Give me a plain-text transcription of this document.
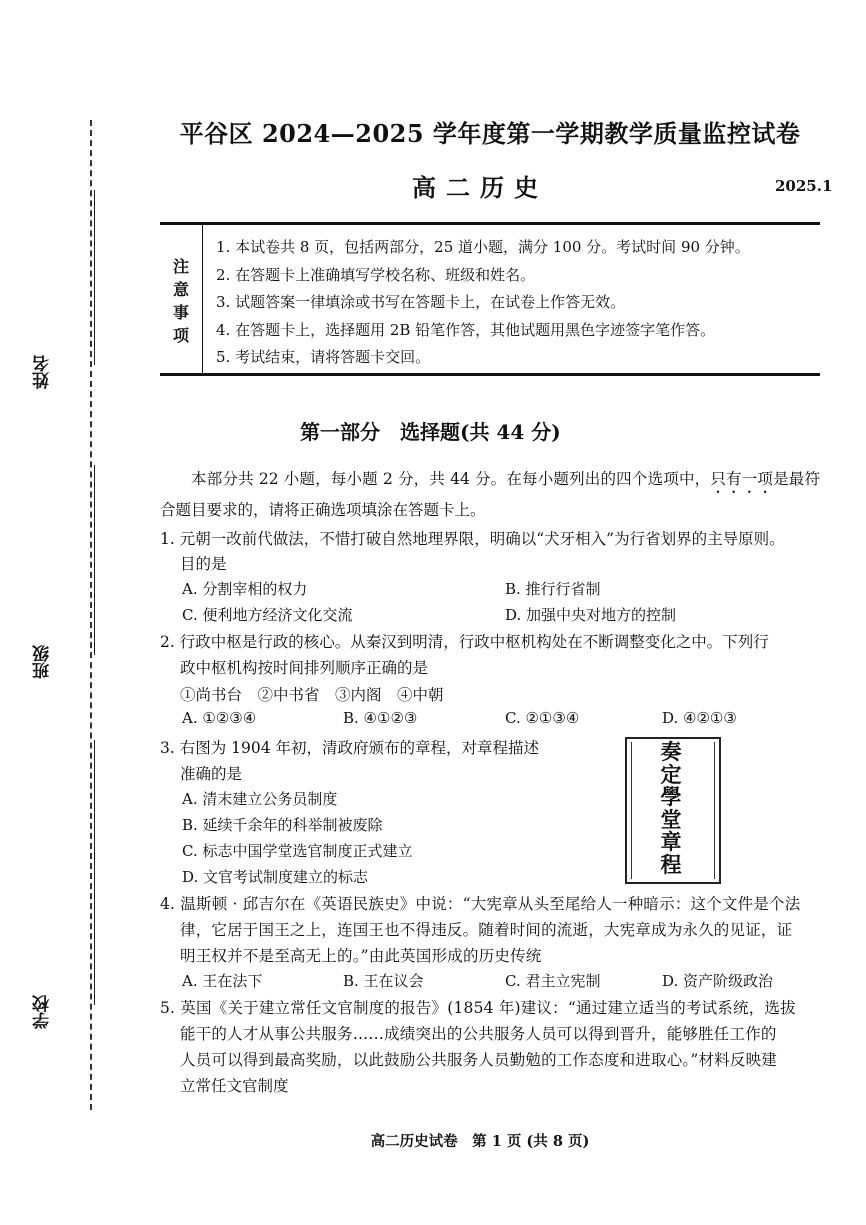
姓名
班级
学校
平谷区 2024—2025 学年度第一学期教学质量监控试卷
高二历史	2025.1
注
意
事
项
1. 本试卷共 8 页，包括两部分，25 道小题，满分 100 分。考试时间 90 分钟。
2. 在答题卡上准确填写学校名称、班级和姓名。
3. 试题答案一律填涂或书写在答题卡上，在试卷上作答无效。
4. 在答题卡上，选择题用 2B 铅笔作答，其他试题用黑色字迹签字笔作答。
5. 考试结束，请将答题卡交回。
第一部分　选择题(共 44 分)
本部分共 22 小题，每小题 2 分，共 44 分。在每小题列出的四个选项中，只有一项是最符合题目要求的，请将正确选项填涂在答题卡上。
1. 元朝一改前代做法，不惜打破自然地理界限，明确以“犬牙相入”为行省划界的主导原则。
目的是
A. 分割宰相的权力	B. 推行行省制
C. 便利地方经济文化交流	D. 加强中央对地方的控制
2. 行政中枢是行政的核心。从秦汉到明清，行政中枢机构处在不断调整变化之中。下列行
政中枢机构按时间排列顺序正确的是
①尚书台　②中书省　③内阁　④中朝
A. ①②③④	B. ④①②③	C. ②①③④	D. ④②①③
3. 右图为 1904 年初，清政府颁布的章程，对章程描述
准确的是
A. 清末建立公务员制度
B. 延续千余年的科举制被废除
C. 标志中国学堂选官制度正式建立
D. 文官考试制度建立的标志
奏
定
學
堂
章
程
4. 温斯顿 · 邱吉尔在《英语民族史》中说：“大宪章从头至尾给人一种暗示：这个文件是个法
律，它居于国王之上，连国王也不得违反。随着时间的流逝，大宪章成为永久的见证，证
明王权并不是至高无上的。”由此英国形成的历史传统
A. 王在法下	B. 王在议会	C. 君主立宪制	D. 资产阶级政治
5. 英国《关于建立常任文官制度的报告》(1854 年)建议：“通过建立适当的考试系统，选拔
能干的人才从事公共服务……成绩突出的公共服务人员可以得到晋升，能够胜任工作的
人员可以得到最高奖励，以此鼓励公共服务人员勤勉的工作态度和进取心。”材料反映建
立常任文官制度
高二历史试卷　第 1 页 (共 8 页)
